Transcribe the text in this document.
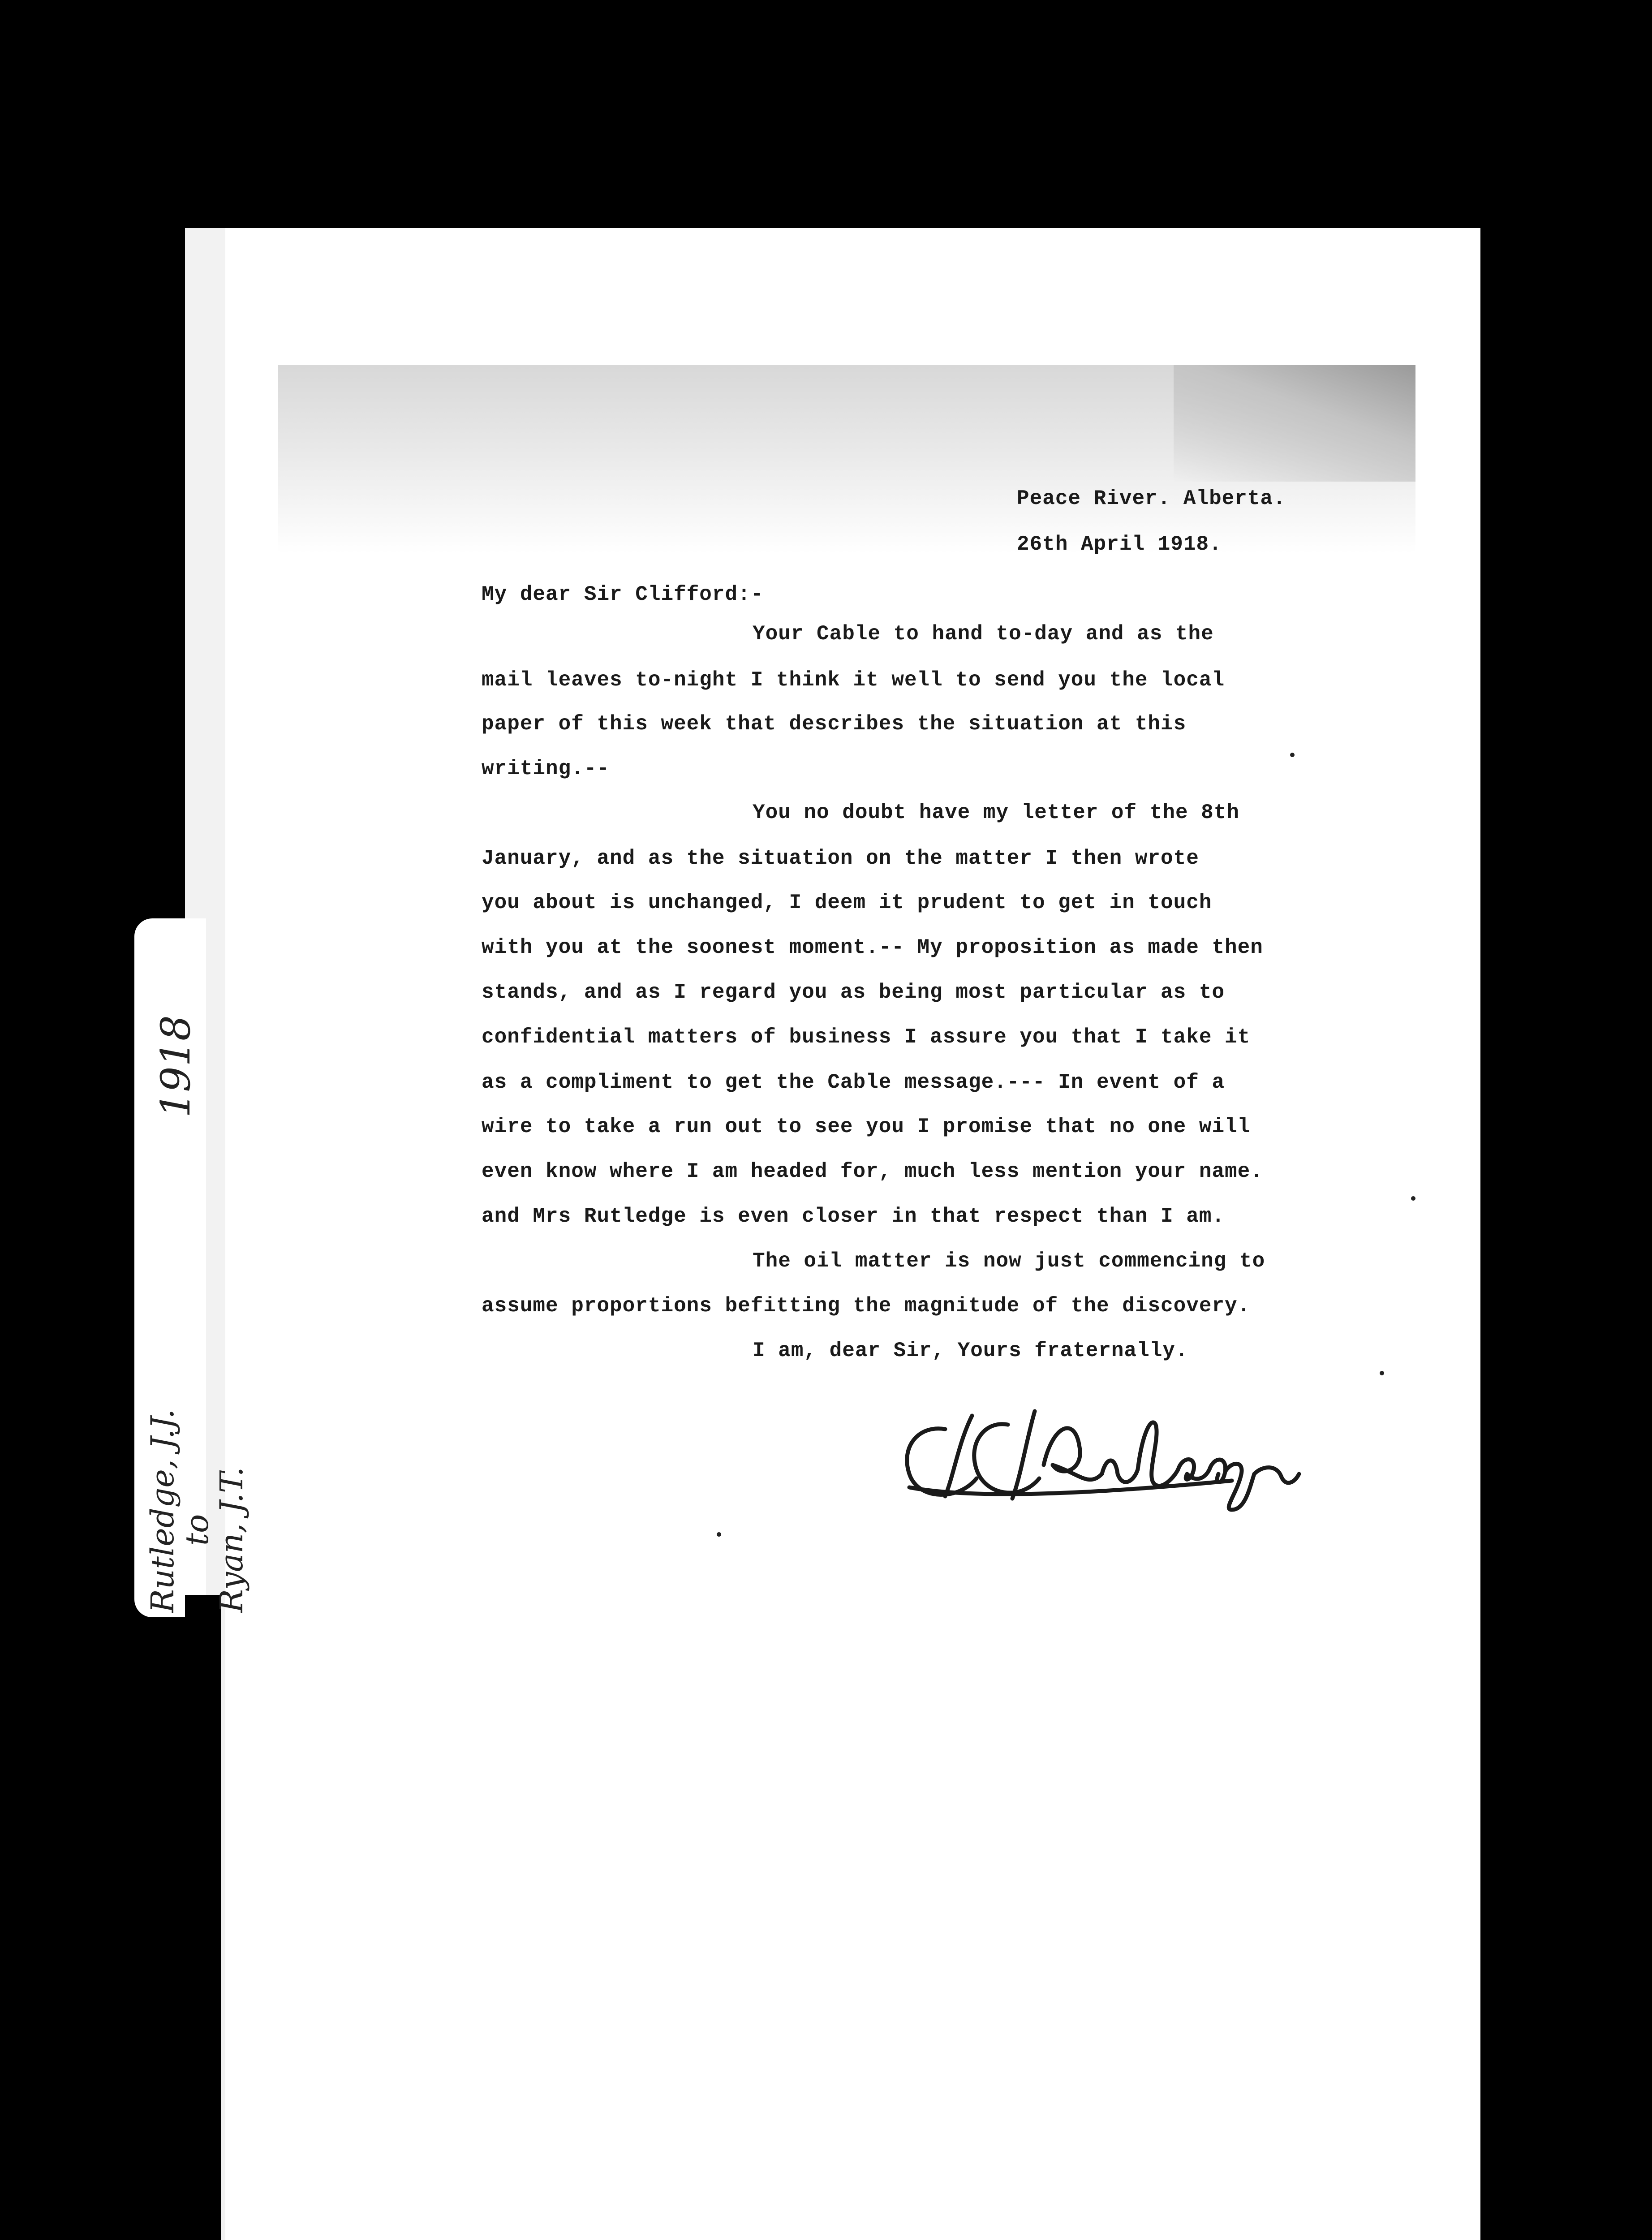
Peace River. Alberta.
26th April 1918.
My dear Sir Clifford:-
Your Cable to hand to-day and as the
mail leaves to-night I think it well to send you the local
paper of this week that describes the situation at this
writing.--
You no doubt have my letter of the 8th
January, and as the situation on the matter I then wrote
you about is unchanged, I deem it prudent to get in touch
with you at the soonest moment.-- My proposition as made then
stands, and as I regard you as being most particular as to
confidential matters of business I assure you that I take it
as a compliment to get the Cable message.--- In event of a
wire to take a run out to see you I promise that no one will
even know where I am headed for, much less mention your name.
and Mrs Rutledge is even closer in that respect than I am.
The oil matter is now just commencing to
assume proportions befitting the magnitude of the discovery.
I am, dear Sir, Yours fraternally.
1918
Rutledge, J.J.
to
Ryan, J.T.
